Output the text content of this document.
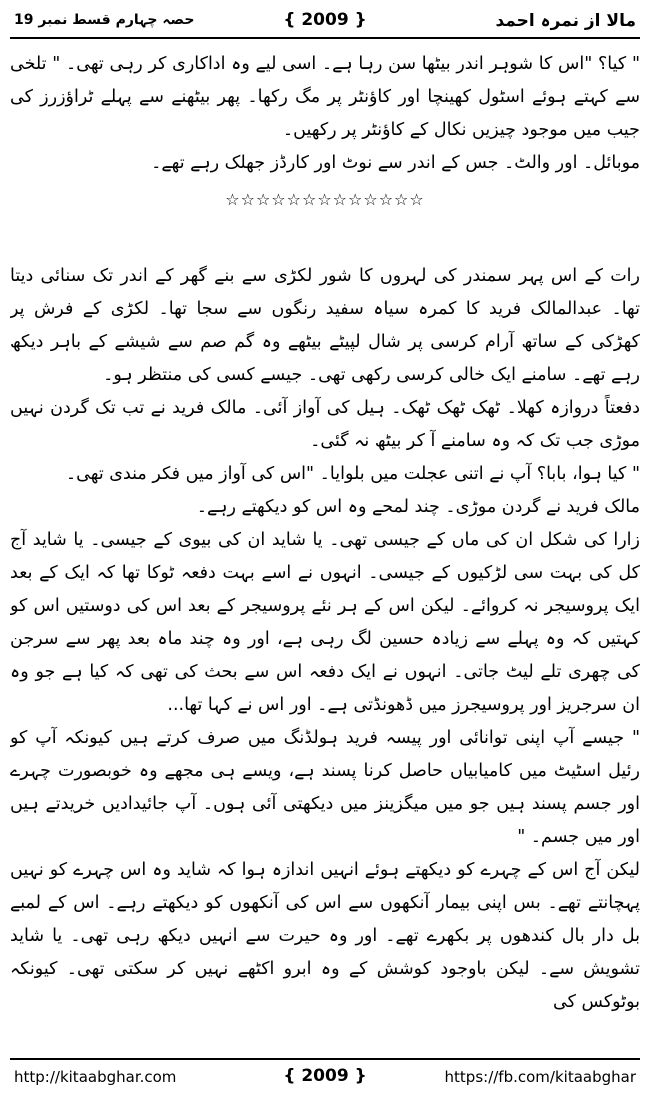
مالا از نمرہ احمد
{ 2009 }
حصہ چہارم قسط نمبر 19

" کیا؟ "اس کا شوہر اندر بیٹھا سن رہا ہے۔ اسی لیے وہ اداکاری کر رہی تھی۔ " تلخی سے کہتے ہوئے اسٹول کھینچا اور کاؤنٹر پر مگ رکھا۔ پھر بیٹھنے سے پہلے ٹراؤزرز کی جیب میں موجود چیزیں نکال کے کاؤنٹر پر رکھیں۔

موبائل۔ اور والٹ۔ جس کے اندر سے نوٹ اور کارڈز جھلک رہے تھے۔

☆☆☆☆☆☆☆☆☆☆☆☆☆

رات کے اس پہر سمندر کی لہروں کا شور لکڑی سے بنے گھر کے اندر تک سنائی دیتا تھا۔ عبدالمالک فرید کا کمرہ سیاہ سفید رنگوں سے سجا تھا۔ لکڑی کے فرش پر کھڑکی کے ساتھ آرام کرسی پر شال لپیٹے بیٹھے وہ گم صم سے شیشے کے باہر دیکھ رہے تھے۔ سامنے ایک خالی کرسی رکھی تھی۔ جیسے کسی کی منتظر ہو۔

دفعتاً دروازہ کھلا۔ ٹھک ٹھک ٹھک۔ ہیل کی آواز آئی۔ مالک فرید نے تب تک گردن نہیں موڑی جب تک کہ وہ سامنے آ کر بیٹھ نہ گئی۔

" کیا ہوا، بابا؟ آپ نے اتنی عجلت میں بلوایا۔ "اس کی آواز میں فکر مندی تھی۔

مالک فرید نے گردن موڑی۔ چند لمحے وہ اس کو دیکھتے رہے۔

زارا کی شکل ان کی ماں کے جیسی تھی۔ یا شاید ان کی بیوی کے جیسی۔ یا شاید آج کل کی بہت سی لڑکیوں کے جیسی۔ انہوں نے اسے بہت دفعہ ٹوکا تھا کہ ایک کے بعد ایک پروسیجر نہ کروائے۔ لیکن اس کے ہر نئے پروسیجر کے بعد اس کی دوستیں اس کو کہتیں کہ وہ پہلے سے زیادہ حسین لگ رہی ہے، اور وہ چند ماہ بعد پھر سے سرجن کی چھری تلے لیٹ جاتی۔ انہوں نے ایک دفعہ اس سے بحث کی تھی کہ کیا ہے جو وہ ان سرجریز اور پروسیجرز میں ڈھونڈتی ہے۔ اور اس نے کہا تھا...

" جیسے آپ اپنی توانائی اور پیسہ فرید ہولڈنگ میں صرف کرتے ہیں کیونکہ آپ کو رئیل اسٹیٹ میں کامیابیاں حاصل کرنا پسند ہے، ویسے ہی مجھے وہ خوبصورت چہرے اور جسم پسند ہیں جو میں میگزینز میں دیکھتی آئی ہوں۔ آپ جائیدادیں خریدتے ہیں اور میں جسم۔ "

لیکن آج اس کے چہرے کو دیکھتے ہوئے انہیں اندازہ ہوا کہ شاید وہ اس چہرے کو نہیں پہچانتے تھے۔ بس اپنی بیمار آنکھوں سے اس کی آنکھوں کو دیکھتے رہے۔ اس کے لمبے بل دار بال کندھوں پر بکھرے تھے۔ اور وہ حیرت سے انہیں دیکھ رہی تھی۔ یا شاید تشویش سے۔ لیکن باوجود کوشش کے وہ ابرو اکٹھے نہیں کر سکتی تھی۔ کیونکہ بوٹوکس کی

http://kitaabghar.com	{ 2009 }	https://fb.com/kitaabghar
